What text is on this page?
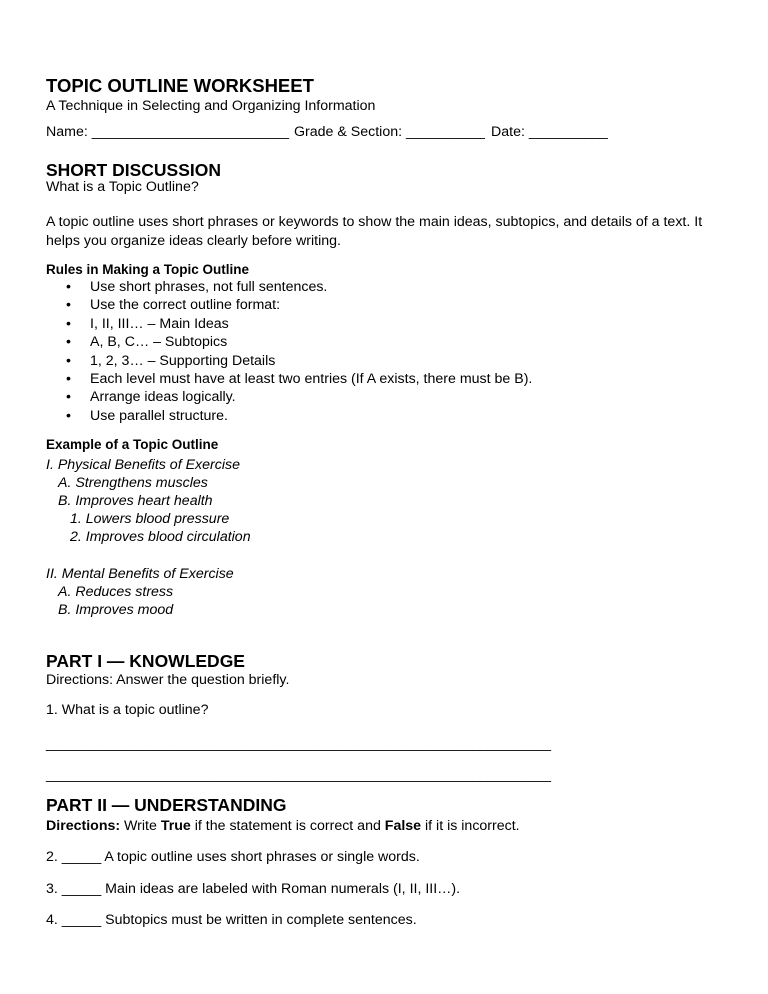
TOPIC OUTLINE WORKSHEET
A Technique in Selecting and Organizing Information
Name: _________________________ Grade & Section: __________ Date: __________
SHORT DISCUSSION
What is a Topic Outline?
A topic outline uses short phrases or keywords to show the main ideas, subtopics, and details of a text. It helps you organize ideas clearly before writing.
Rules in Making a Topic Outline
Example of a Topic Outline
PART I — KNOWLEDGE
Directions: Answer the question briefly.
1. What is a topic outline?
________________________________________________________________
________________________________________________________________
PART II — UNDERSTANDING
Directions: Write True if the statement is correct and False if it is incorrect.
• Use short phrases, not full sentences.
• Use the correct outline format:
• I, II, III… – Main Ideas
• A, B, C… – Subtopics
• 1, 2, 3… – Supporting Details
• Each level must have at least two entries (If A exists, there must be B).
• Arrange ideas logically.
• Use parallel structure.
I. Physical Benefits of Exercise
A. Strengthens muscles
B. Improves heart health
1. Lowers blood pressure
2. Improves blood circulation
II. Mental Benefits of Exercise
A. Reduces stress
B. Improves mood
2. _____ A topic outline uses short phrases or single words.
3. _____ Main ideas are labeled with Roman numerals (I, II, III…).
4. _____ Subtopics must be written in complete sentences.
